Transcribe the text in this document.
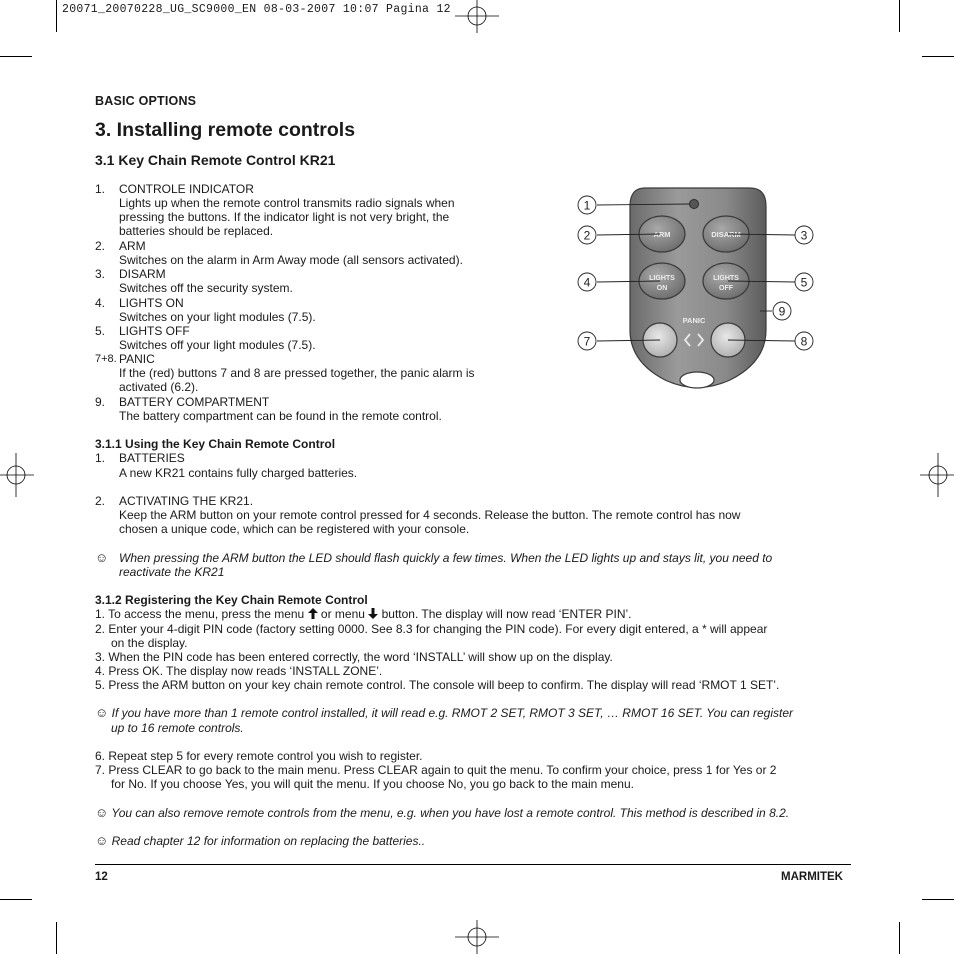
20071_20070228_UG_SC9000_EN 08-03-2007 10:07 Pagina 12
BASIC OPTIONS
3. Installing remote controls
3.1 Key Chain Remote Control KR21
1. CONTROLE INDICATOR
Lights up when the remote control transmits radio signals when
pressing the buttons. If the indicator light is not very bright, the
batteries should be replaced.
2. ARM
Switches on the alarm in Arm Away mode (all sensors activated).
3. DISARM
Switches off the security system.
4. LIGHTS ON
Switches on your light modules (7.5).
5. LIGHTS OFF
Switches off your light modules (7.5).
7+8. PANIC
If the (red) buttons 7 and 8 are pressed together, the panic alarm is
activated (6.2).
9. BATTERY COMPARTMENT
The battery compartment can be found in the remote control.
ARM	DISARM
LIGHTS
ON
LIGHTS
OFF
PANIC
1
2	3
4	5
9
7	8
3.1.1 Using the Key Chain Remote Control
1. BATTERIES
A new KR21 contains fully charged batteries.
2. ACTIVATING THE KR21.
Keep the ARM button on your remote control pressed for 4 seconds. Release the button. The remote control has now
chosen a unique code, which can be registered with your console.
☺ When pressing the ARM button the LED should flash quickly a few times. When the LED lights up and stays lit, you need to
reactivate the KR21
3.1.2 Registering the Key Chain Remote Control
1. To access the menu, press the menu  or menu  button. The display will now read ‘ENTER PIN’.
2. Enter your 4-digit PIN code (factory setting 0000. See 8.3 for changing the PIN code). For every digit entered, a * will appear
on the display.
3. When the PIN code has been entered correctly, the word ‘INSTALL’ will show up on the display.
4. Press OK. The display now reads ‘INSTALL ZONE’.
5. Press the ARM button on your key chain remote control. The console will beep to confirm. The display will read ‘RMOT 1 SET’.
☺ If you have more than 1 remote control installed, it will read e.g. RMOT 2 SET, RMOT 3 SET, … RMOT 16 SET. You can register
up to 16 remote controls.
6. Repeat step 5 for every remote control you wish to register.
7. Press CLEAR to go back to the main menu. Press CLEAR again to quit the menu. To confirm your choice, press 1 for Yes or 2
for No. If you choose Yes, you will quit the menu. If you choose No, you go back to the main menu.
☺ You can also remove remote controls from the menu, e.g. when you have lost a remote control. This method is described in 8.2.
☺ Read chapter 12 for information on replacing the batteries..
12	MARMITEK
